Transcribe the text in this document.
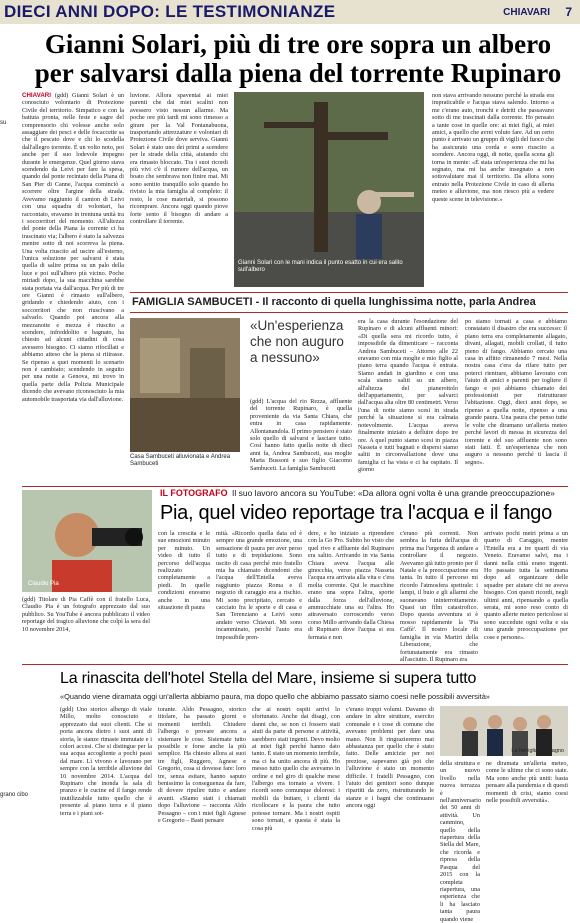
DIECI ANNI DOPO: LE TESTIMONIANZE	CHIAVARI 7
Gianni Solari, più di tre ore sopra un albero per salvarsi dalla piena del torrente Rupinaro
CHIAVARI (gdd) Gianni Solari è un conosciuto volontario di Protezione Civile del territorio. Simpatico e con la battuta pronta, nelle feste e sagre del comprensorio chi volesse anche solo assaggiare dei pesci e delle focaccette sa che il pescato dove e chi lo scodella dall'allegro torrente. È un volto noto, poi anche per il suo lodevole impegno durante le emergenze. Quel giorno stava scendendo da Leivi per fare la spesa, quando dal ponte recintato della Piana di San Pier di Canne, l'acqua cominciò a scorrere oltre l'argine della strada. Avevamo raggiunto il camion di Leivi con una squadra di volontari, ha raccontato, eravamo in trentuna unità tra i soccorritori del momento. All'altezza del ponte della Piana la corrente ci ha trascinato via; l'albero è stato la salvezza mentre sotto di noi scorreva la piena. Una volta riuscito ad uscire all'esterno, l'unica soluzione per salvarsi è stata quella di salire prima su un palo della luce e poi sull'albero più vicino. Poche miriadi dopo, la sua macchina sarebbe stata portata via dall'acqua. Per più di tre ore Gianni è rimasto sull'albero, gridando e chiedendo aiuto, con i soccorritori che non riuscivano a salvarlo. Quando poi ancora alla mezzanotte e mezza è riuscito a scendere, infreddolito e bagnato, ha chiesto ad alcuni cittadini di cosa avessero bisogno. Ci siamo rifocillati e abbiamo atteso che la piena si ritirasse. Se ripenso a quei momenti lo scenario non è cambiato; scendendo in seguito per una notte a Genova, mi trovo in quella parte della Polizia Municipale dicendo che avevano riconosciuto la mia automobile trasportata via dall'alluvione.
luvione. Allora spaventai ai miei parenti che dai miei scalini non avessero visto nessun allarme. Ma poche ore più tardi mi sono rimesso a girare per la Val Fontanabuona, trasportando attrezzature e volontari di Protezione Civile dove serviva. Gianni Solari è stato uno dei primi a scendere per le strade della città, aiutando chi era rimasto bloccato. Tra i suoi ricordi più vivi c'è il rumore dell'acqua, un boato che sembrava non finire mai. Mi sono sentito tranquillo solo quando ho rivisto la mia famiglia al completo: il resto, le cose materiali, si possono ricomprare. Ancora oggi quando piove forte sento il bisogno di andare a controllare il torrente.
Gianni Solari con le mani indica il punto esatto in cui era salito sull'albero
non stava arrivando nessuno perché la strada era impraticabile e l'acqua stava salendo. Intorno a me c'erano auto, tronchi e detriti che passavano sotto di me trascinati dalla corrente. Ho pensato a tante cose in quelle ore: ai miei figli, ai miei amici, a quello che avrei voluto fare. Ad un certo punto è arrivato un gruppo di vigili del fuoco che ha assicurato una corda e sono riuscito a scendere. Ancora oggi, di notte, quella scena gli torna in mente: «È stata un'esperienza che mi ha segnato, ma mi ha anche insegnato a non sottovalutare mai il territorio. Da allora sono entrato nella Protezione Civile in caso di allerta meteo e alluvione, ma non riesco più a vedere queste scene in televisione.»
FAMIGLIA SAMBUCETI - Il racconto di quella lunghissima notte, parla Andrea
Casa Sambuceti alluvionata e Andrea Sambuceti
«Un'esperienza che non auguro a nessuno»
(gdd) L'acqua del rio Rezza, affluente del torrente Rupinaro, è quella proveniente da via Santa Chiara, che entra in casa rapidamente. Allontanandola. Il primo pensiero è stato solo quello di salvarsi e lasciare tutto. Così hanno fatto quella notte di dieci anni fa, Andrea Sambuceti, sua moglie Marta Bussoni e suo figlio Giacomo Sambuceti. La famiglia Sambuceti
era la casa durante l'esondazione del Rupinaro e di alcuni affluenti minori: «Di quella sera mi ricordo tutto, è impossibile da dimenticare – racconta Andrea Sambuceti – Attorno alle 22 eravamo con mia moglie e mio figlio al piano terra quando l'acqua è entrata. Siamo andati in giardino e con una scala siamo saliti su un albero, all'altezza del pianerottolo dell'appartamento, per salvarci dall'acqua alta oltre 80 centimetri. Verso l'una di notte siamo scesi in strada perché la situazione si era calmata notevolmente. L'acqua aveva finalmente iniziato a defluire dopo tre ore. A quel punto siamo scesi in piazza Nasseta e tutti bagnati e dispersi siamo saliti in circonvallazione dove una famiglia ci ha vista e ci ha ospitato. Il giorno
po siamo tornati a casa e abbiamo constatato il disastro che era successo: il piano terra era completamente allagato, divani, allagati, mobili crollati, il tutto pieno di fango. Abbiamo cercato una casa in affitto rimanendo 7 mesi. Nella nostra casa c'era da rifare tutto per poterci rientrare, abbiamo lavorato con l'aiuto di amici e parenti per togliere il fango e poi abbiamo chiamato dei professionisti per ristrutturare l'abitazione. Oggi, dieci anni dopo, se ripenso a quella notte, ripenso a una grande paura. Una paura che penso tutte le volte che diramano un'allerta meteo perché lavori di messa in sicurezza del torrente e del suo affluente non sono stati fatti. È un'esperienza che non auguro a nessuno perché ti lascia il segno».
Claudio Pia
IL FOTOGRAFO Il suo lavoro ancora su YouTube: «Da allora ogni volta è una grande preoccupazione»
Pia, quel video reportage tra l'acqua e il fango
con la crescita e le sue emozioni minuto per minuto. Un video di tutto il percorso dell'acqua realizzato completamente a piedi. In quelle condizioni eravamo anche in una situazione di paura
(gdd) Titolare di Pia Caffè con il fratello Luca, Claudio Pia è un fotografo apprezzato dal suo pubblico. Su YouTube è ancora pubblicato il video reportage del tragico alluvione che colpì la sera del 10 novembre 2014,
mità. «Ricordo quella data ed è sempre una grande emozione, una sensazione di paura per aver perso tutto e di trepidazione. Sono uscito di casa perché mio fratello mia ha chiamato dicendomi che l'acqua dell'Entella aveva raggiunto piazza Roma e il negozio di caraggio era a rischio. Mi sono precipitato, cercato e cacciato fra le sporte e di casa e San Terenziano a Leivi sono andato verso Chiavari. Mi sono incamminato, perché l'auto era impossibile pren-
dere, e ho iniziato a riprendere con la Go Pro. Subito ho visto che quel rivo e affluente del Rupinaro era salito. Arrivando in via Santa Chiara aveva l'acqua alle ginocchia, verso piazza Nasseta l'acqua era arrivata alla vita e c'era molta corrente. Qui le macchine erano una sopra l'altra, sporte dalla forza dell'alluvione, ammucchiate una su l'altra. Ho attraversato corroscendo verso corso Millo arrivando dalla Chiesa di Rupinaro dove l'acqua si era fermata e non
c'erano più correnti. Non sembra la furia dell'acqua di prima ma l'urgenza di andare a controllare il negozio. Avevamo già tutto pronto per il Natale e la preoccupazione era tanta. In tutto il percorso mi ricordo l'atmosfera spettrale: i lampi, il buio e gli allarmi che suonavano ininterrottamente. Quasi un film catastrofico. Dopo questa avventura si è mosso rapidamente la 'Pia Caffè'. Il nostro locale di famiglia in via Martiri della Liberazione, che fortunatamente era rimasto all'asciutto. Il Rupinaro era
arrivato pochi metri prima a un quarto di Caraggio, mentre l'Entella era a tre quarti di via Veneto. Eravamo salvi, ma i danni nella città erano ingenti. Ho passato tutta la settimana dopo ad organizzare delle squadre per aiutare chi ne aveva bisogno. Con questi ricordi, negli ultimi anni, ripensando a quella serata, mi sono reso conto di quanto allerte meteo pericolose si sono succedute ogni volta e sia una grande preoccupazione per cose e persone».
La rinascita dell'hotel Stella del Mare, insieme si supera tutto
«Quando viene diramata oggi un'allerta abbiamo paura, ma dopo quello che abbiamo passato siamo coesi nelle possibili avversità»
(gdd) Uno storico albergo di viale Millo, molto conosciuto e apprezzato dai suoi clienti. Che si porta ancora dietro i suoi anni di storia, le stanze rimaste immutate e i colori accesi. Che si distingue per la sua acqua accogliente a pochi passi dal mare. Lì vivono e lavorano per sempre con la terribile alluvione del 10 novembre 2014. L'acqua del Rupinaro che inonda la sala di pranzo e le cucine ed il fango rende inutilizzabile tutto quello che è presente al piano terra e il piano terra e i piani sot-
torante. Aldo Pessagno, storico titolare, ha passato giorni e momenti terribili. Chiudere l'albergo o provare ancora a sistemare le cose. Sistemate tutto possibile e forse anche la più semplice. Ha chiesto allora ai suoi tre figli, Ruggero, Agnese e Gregorio, cosa si dovesse fare: loro tre, senza esitare, hanno saputo benissimo la conseguenza da fare, di dovere ripulire tutto e andare avanti. «Siamo stati i chiamati dopo l'alluvione – racconta Aldo Pessagno – con i miei figli Agnese e Gregorio – Basti pensare
che ai nostri ospiti arrivi lo sfortunato. Anche dai disagi, con danni che, se non ci fossero stati aiuti da parte di persone e attività, sarebbero stati ingenti. Devo molto ai miei figli perché hanno dato tanto. È stato un momento terribile, ma ci ha unito ancora di più. Ho messo tutto quello che avevamo in ordine e nel giro di qualche mese l'albergo era tornato a vivere. I ricordi sono comunque dolorosi: i mobili da buttare, i clienti da ricollocare e la paura che tutto potesse tornare. Ma i nostri ospiti sono tornati, e questa è stata la cosa più
c'erano troppi volumi. Davamo di andare in altre strutture, esercito comunale e i cose di comune che avevano problemi per dare una mano. Non li ringrazieremo mai abbastanza per quello che è stato fatto. Delle amicizie per noi preziose, sapevamo già poi che l'alluvione è stato un momento difficile. I fratelli Pessagno, con l'aiuto dei genitori sono dunque ripartiti da zero, ristrutturando le stanze e i bagni che continuano ancora oggi
della struttura e un nuovo livello nella nuova terrazza è nell'anniversario dei 50 anni di attività. Un cammino, quello della riapertura della Stella del Mare, che ricorda e ripresa della Pasqua del 2015 con la completa riapertura, una esperienza che li ha lasciato tanta paura quando viene
ne diramata un'allerta meteo, come le ultime che ci sono state. Ma sono anche più uniti: basta pensare alla pandemia e di questi momenti di crisi, siamo coesi nelle possibili avversità».
La famiglia Pessagno
su
grano cibo
